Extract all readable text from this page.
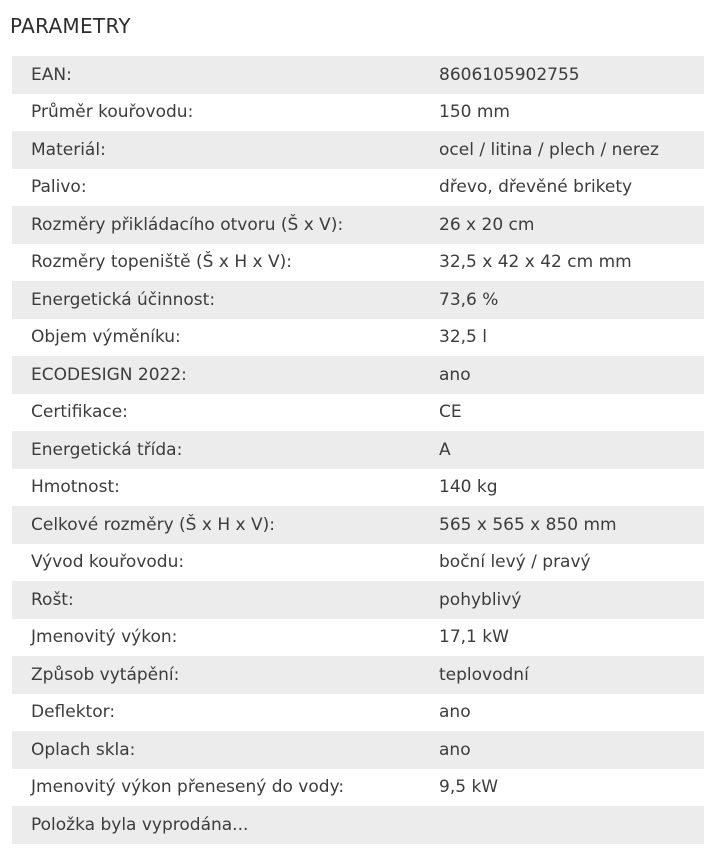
PARAMETRY
EAN:	8606105902755
Průměr kouřovodu:	150 mm
Materiál:	ocel / litina / plech / nerez
Palivo:	dřevo, dřevěné brikety
Rozměry přikládacího otvoru (Š x V):	26 x 20 cm
Rozměry topeniště (Š x H x V):	32,5 x 42 x 42 cm mm
Energetická účinnost:	73,6 %
Objem výměníku:	32,5 l
ECODESIGN 2022:	ano
Certifikace:	CE
Energetická třída:	A
Hmotnost:	140 kg
Celkové rozměry (Š x H x V):	565 x 565 x 850 mm
Vývod kouřovodu:	boční levý / pravý
Rošt:	pohyblivý
Jmenovitý výkon:	17,1 kW
Způsob vytápění:	teplovodní
Deflektor:	ano
Oplach skla:	ano
Jmenovitý výkon přenesený do vody:	9,5 kW
Položka byla vyprodána...	
